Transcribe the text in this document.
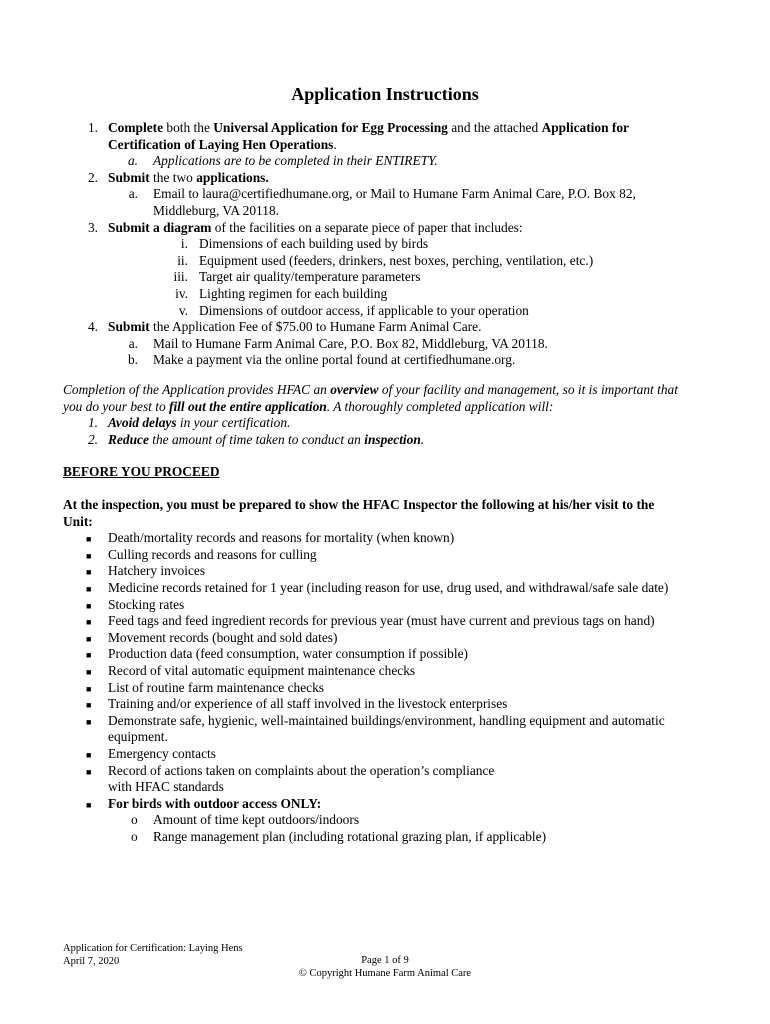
Application Instructions
1. Complete both the Universal Application for Egg Processing and the attached Application for
Certification of Laying Hen Operations.
a. Applications are to be completed in their ENTIRETY.
2. Submit the two applications.
a. Email to laura@certifiedhumane.org, or Mail to Humane Farm Animal Care, P.O. Box 82,
Middleburg, VA 20118.
3. Submit a diagram of the facilities on a separate piece of paper that includes:
i. Dimensions of each building used by birds
ii. Equipment used (feeders, drinkers, nest boxes, perching, ventilation, etc.)
iii. Target air quality/temperature parameters
iv. Lighting regimen for each building
v. Dimensions of outdoor access, if applicable to your operation
4. Submit the Application Fee of $75.00 to Humane Farm Animal Care.
a. Mail to Humane Farm Animal Care, P.O. Box 82, Middleburg, VA 20118.
b. Make a payment via the online portal found at certifiedhumane.org.
Completion of the Application provides HFAC an overview of your facility and management, so it is important that
you do your best to fill out the entire application. A thoroughly completed application will:
1. Avoid delays in your certification.
2. Reduce the amount of time taken to conduct an inspection.
BEFORE YOU PROCEED
At the inspection, you must be prepared to show the HFAC Inspector the following at his/her visit to the
Unit:
■ Death/mortality records and reasons for mortality (when known)
■ Culling records and reasons for culling
■ Hatchery invoices
■ Medicine records retained for 1 year (including reason for use, drug used, and withdrawal/safe sale date)
■ Stocking rates
■ Feed tags and feed ingredient records for previous year (must have current and previous tags on hand)
■ Movement records (bought and sold dates)
■ Production data (feed consumption, water consumption if possible)
■ Record of vital automatic equipment maintenance checks
■ List of routine farm maintenance checks
■ Training and/or experience of all staff involved in the livestock enterprises
■ Demonstrate safe, hygienic, well-maintained buildings/environment, handling equipment and automatic
equipment.
■ Emergency contacts
■ Record of actions taken on complaints about the operation’s compliance
with HFAC standards
■ For birds with outdoor access ONLY:
o Amount of time kept outdoors/indoors
o Range management plan (including rotational grazing plan, if applicable)
Application for Certification: Laying Hens
April 7, 2020	Page 1 of 9
© Copyright Humane Farm Animal Care
